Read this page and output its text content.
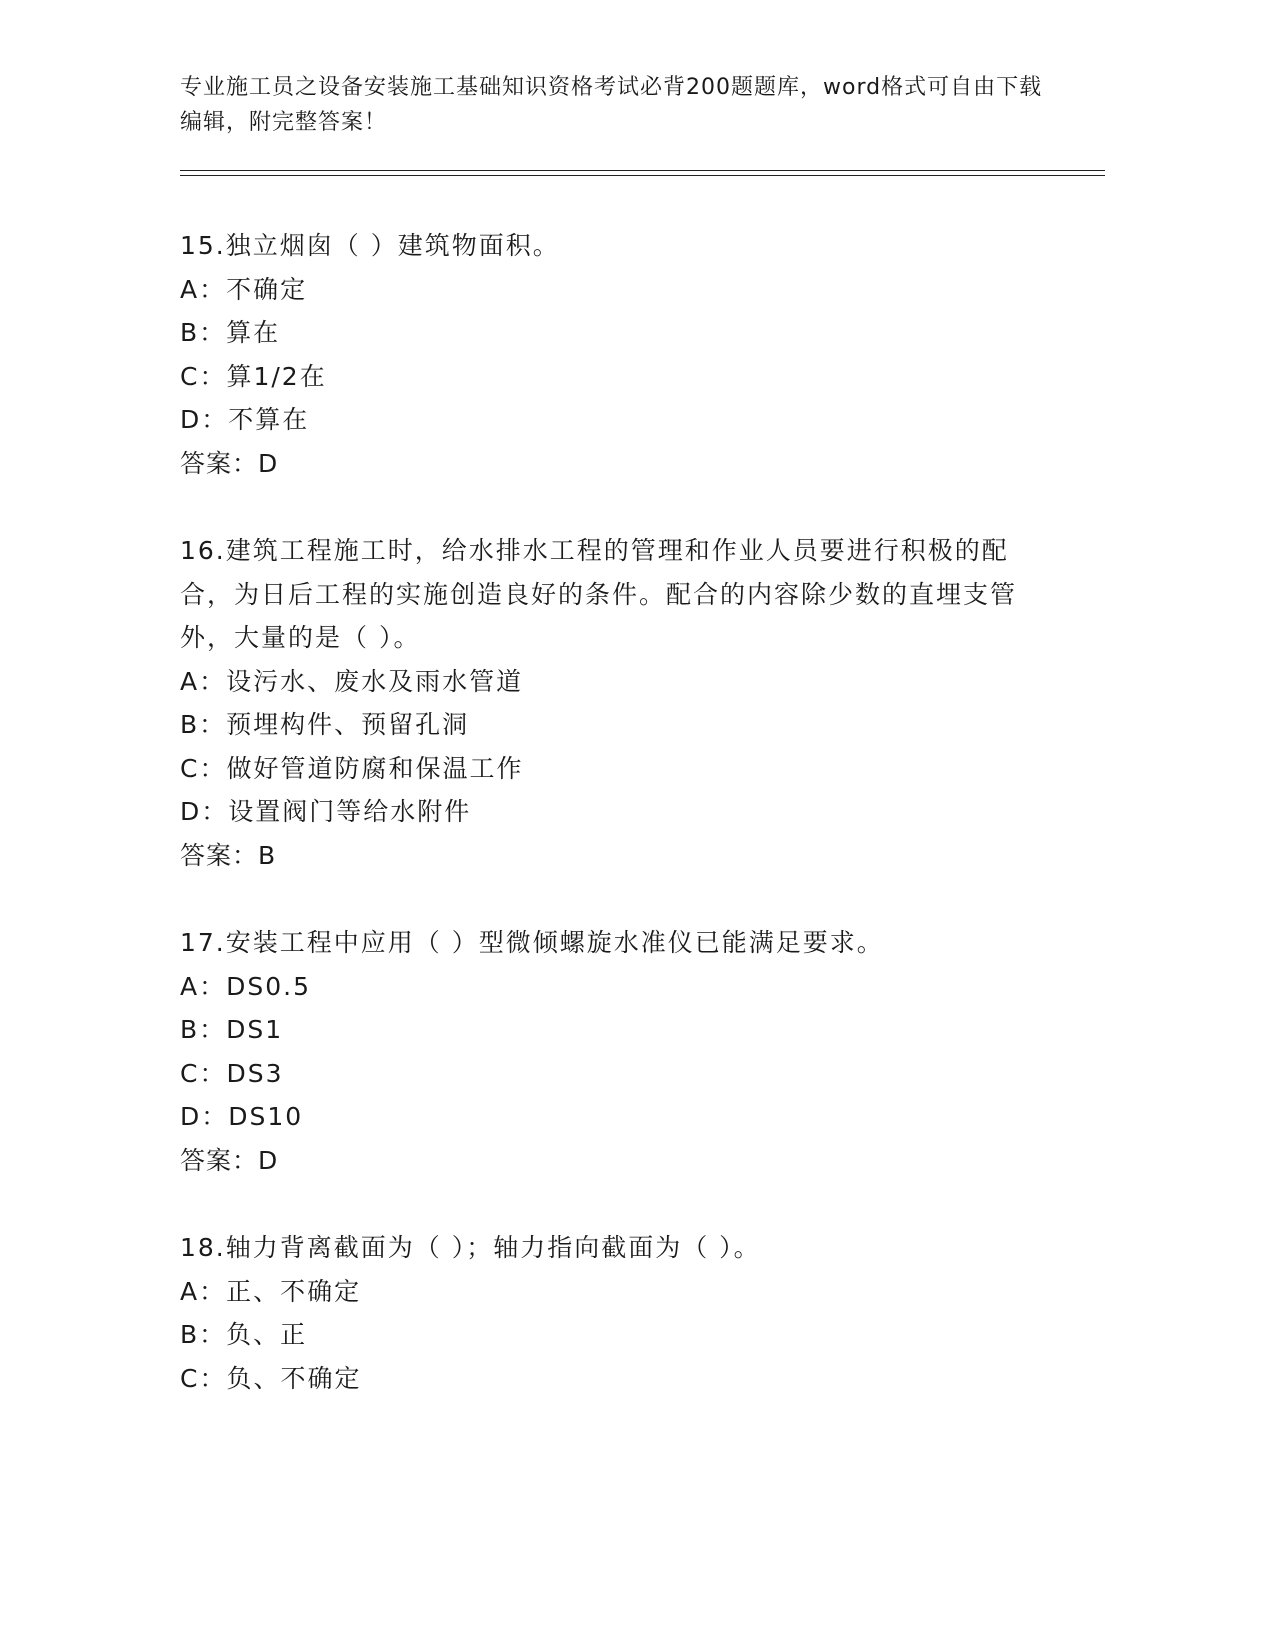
专业施工员之设备安装施工基础知识资格考试必背200题题库，word格式可自由下载编辑，附完整答案！
15.独立烟囱（ ）建筑物面积。
A：不确定
B：算在
C：算1/2在
D：不算在
答案：D
16.建筑工程施工时，给水排水工程的管理和作业人员要进行积极的配合，为日后工程的实施创造良好的条件。配合的内容除少数的直埋支管外，大量的是（ ）。
A：设污水、废水及雨水管道
B：预埋构件、预留孔洞
C：做好管道防腐和保温工作
D：设置阀门等给水附件
答案：B
17.安装工程中应用（ ）型微倾螺旋水准仪已能满足要求。
A：DS0.5
B：DS1
C：DS3
D：DS10
答案：D
18.轴力背离截面为（ ）；轴力指向截面为（ ）。
A：正、不确定
B：负、正
C：负、不确定
